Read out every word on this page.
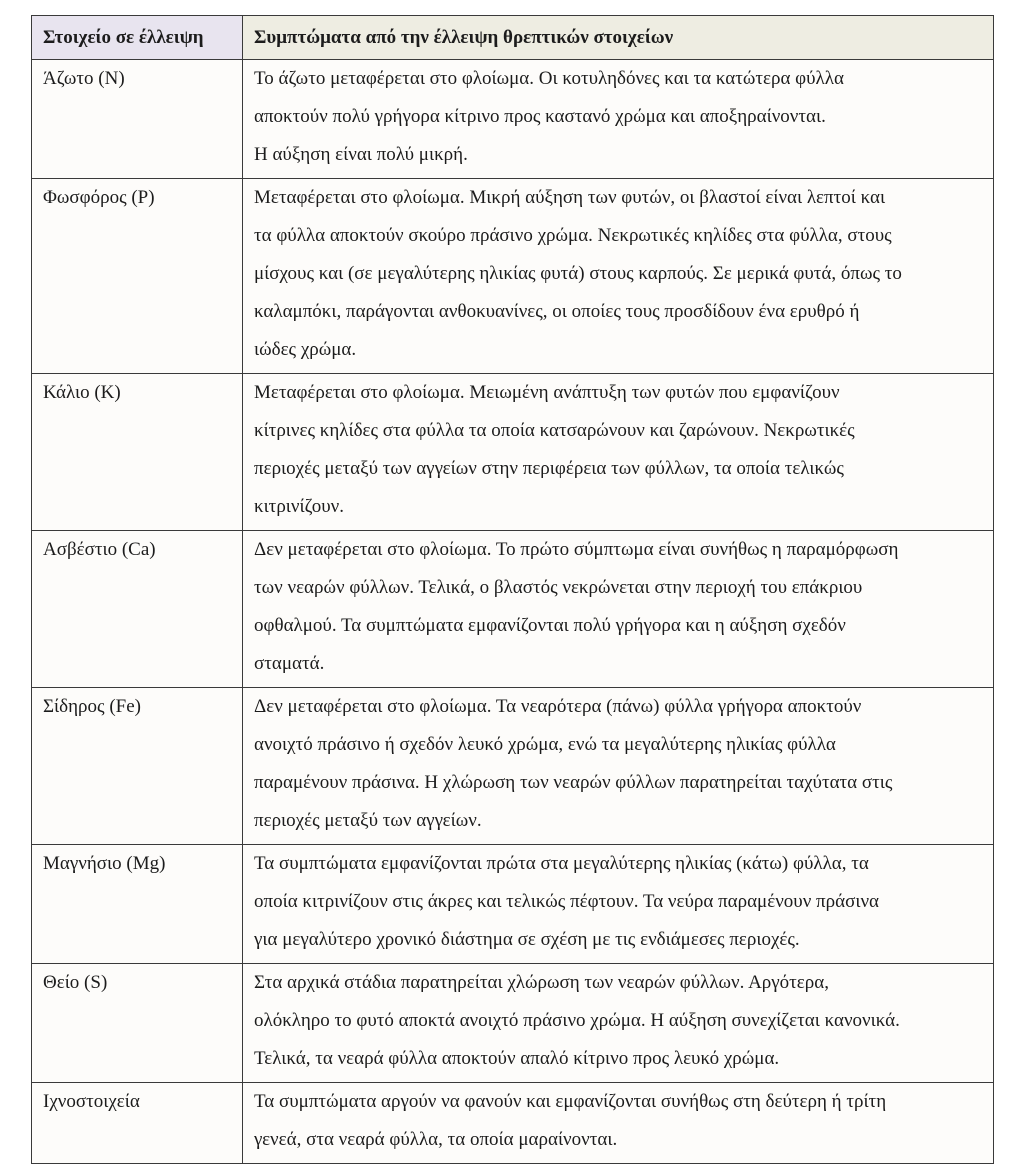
Στοιχείο σε έλλειψη	Συμπτώματα από την έλλειψη θρεπτικών στοιχείων
Άζωτο (N)	Το άζωτο μεταφέρεται στο φλοίωμα. Οι κοτυληδόνες και τα κατώτερα φύλλα
αποκτούν πολύ γρήγορα κίτρινο προς καστανό χρώμα και αποξηραίνονται.
Η αύξηση είναι πολύ μικρή.

Φωσφόρος (P)	Μεταφέρεται στο φλοίωμα. Μικρή αύξηση των φυτών, οι βλαστοί είναι λεπτοί και
τα φύλλα αποκτούν σκούρο πράσινο χρώμα. Νεκρωτικές κηλίδες στα φύλλα, στους
μίσχους και (σε μεγαλύτερης ηλικίας φυτά) στους καρπούς. Σε μερικά φυτά, όπως το
καλαμπόκι, παράγονται ανθοκυανίνες, οι οποίες τους προσδίδουν ένα ερυθρό ή
ιώδες χρώμα.

Κάλιο (K)	Μεταφέρεται στο φλοίωμα. Μειωμένη ανάπτυξη των φυτών που εμφανίζουν
κίτρινες κηλίδες στα φύλλα τα οποία κατσαρώνουν και ζαρώνουν. Νεκρωτικές
περιοχές μεταξύ των αγγείων στην περιφέρεια των φύλλων, τα οποία τελικώς
κιτρινίζουν.

Ασβέστιο (Ca)	Δεν μεταφέρεται στο φλοίωμα. Το πρώτο σύμπτωμα είναι συνήθως η παραμόρφωση
των νεαρών φύλλων. Τελικά, ο βλαστός νεκρώνεται στην περιοχή του επάκριου
οφθαλμού. Τα συμπτώματα εμφανίζονται πολύ γρήγορα και η αύξηση σχεδόν
σταματά.

Σίδηρος (Fe)	Δεν μεταφέρεται στο φλοίωμα. Τα νεαρότερα (πάνω) φύλλα γρήγορα αποκτούν
ανοιχτό πράσινο ή σχεδόν λευκό χρώμα, ενώ τα μεγαλύτερης ηλικίας φύλλα
παραμένουν πράσινα. Η χλώρωση των νεαρών φύλλων παρατηρείται ταχύτατα στις
περιοχές μεταξύ των αγγείων.

Μαγνήσιο (Mg)	Τα συμπτώματα εμφανίζονται πρώτα στα μεγαλύτερης ηλικίας (κάτω) φύλλα, τα
οποία κιτρινίζουν στις άκρες και τελικώς πέφτουν. Τα νεύρα παραμένουν πράσινα
για μεγαλύτερο χρονικό διάστημα σε σχέση με τις ενδιάμεσες περιοχές.

Θείο (S)	Στα αρχικά στάδια παρατηρείται χλώρωση των νεαρών φύλλων. Αργότερα,
ολόκληρο το φυτό αποκτά ανοιχτό πράσινο χρώμα. Η αύξηση συνεχίζεται κανονικά.
Τελικά, τα νεαρά φύλλα αποκτούν απαλό κίτρινο προς λευκό χρώμα.

Ιχνοστοιχεία	Τα συμπτώματα αργούν να φανούν και εμφανίζονται συνήθως στη δεύτερη ή τρίτη
γενεά, στα νεαρά φύλλα, τα οποία μαραίνονται.
